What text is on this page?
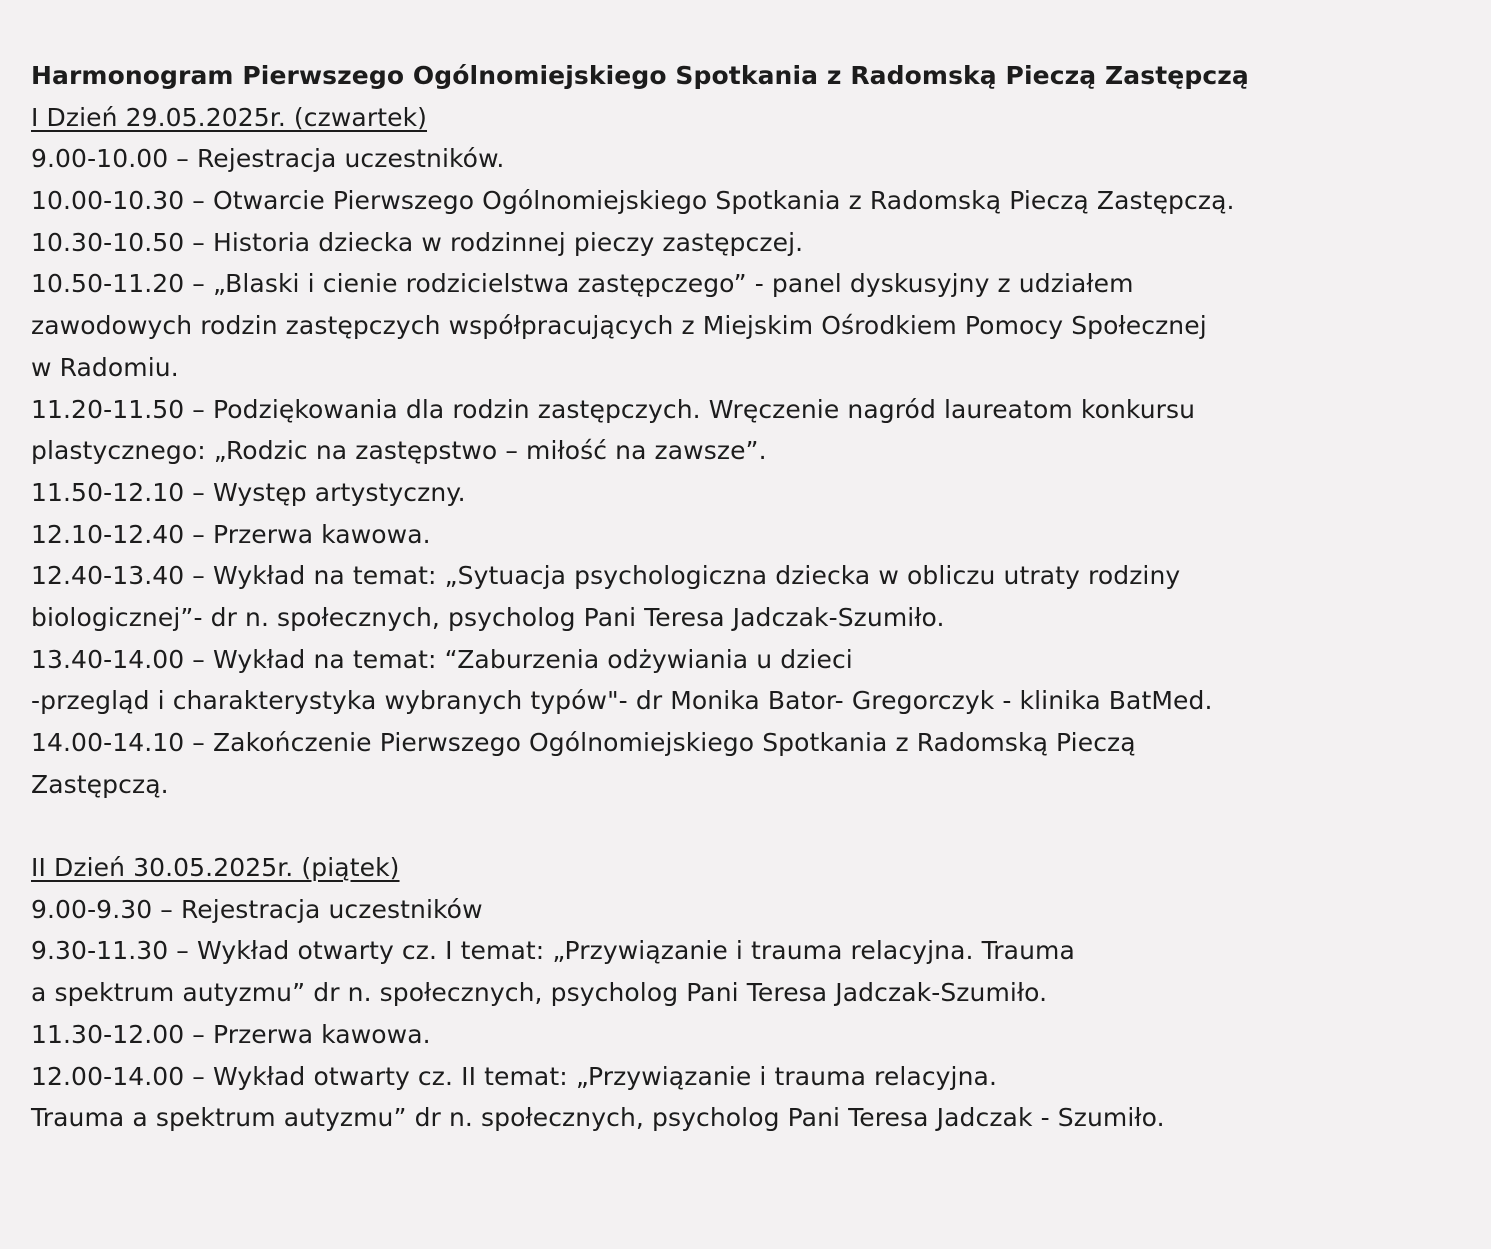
Harmonogram Pierwszego Ogólnomiejskiego Spotkania z Radomską Pieczą Zastępczą
I Dzień 29.05.2025r. (czwartek)
9.00-10.00 – Rejestracja uczestników.
10.00-10.30 – Otwarcie Pierwszego Ogólnomiejskiego Spotkania z Radomską Pieczą Zastępczą.
10.30-10.50 – Historia dziecka w rodzinnej pieczy zastępczej.
10.50-11.20 – „Blaski i cienie rodzicielstwa zastępczego” - panel dyskusyjny z udziałem
zawodowych rodzin zastępczych współpracujących z Miejskim Ośrodkiem Pomocy Społecznej
w Radomiu.
11.20-11.50 – Podziękowania dla rodzin zastępczych. Wręczenie nagród laureatom konkursu
plastycznego: „Rodzic na zastępstwo – miłość na zawsze”.
11.50-12.10 – Występ artystyczny.
12.10-12.40 – Przerwa kawowa.
12.40-13.40 – Wykład na temat: „Sytuacja psychologiczna dziecka w obliczu utraty rodziny
biologicznej”- dr n. społecznych, psycholog Pani Teresa Jadczak-Szumiło.
13.40-14.00 – Wykład na temat: “Zaburzenia odżywiania u dzieci
-przegląd i charakterystyka wybranych typów"- dr Monika Bator- Gregorczyk - klinika BatMed.
14.00-14.10 – Zakończenie Pierwszego Ogólnomiejskiego Spotkania z Radomską Pieczą
Zastępczą.
II Dzień 30.05.2025r. (piątek)
9.00-9.30 – Rejestracja uczestników
9.30-11.30 – Wykład otwarty cz. I temat: „Przywiązanie i trauma relacyjna. Trauma
a spektrum autyzmu” dr n. społecznych, psycholog Pani Teresa Jadczak-Szumiło.
11.30-12.00 – Przerwa kawowa.
12.00-14.00 – Wykład otwarty cz. II temat: „Przywiązanie i trauma relacyjna.
Trauma a spektrum autyzmu” dr n. społecznych, psycholog Pani Teresa Jadczak - Szumiło.
